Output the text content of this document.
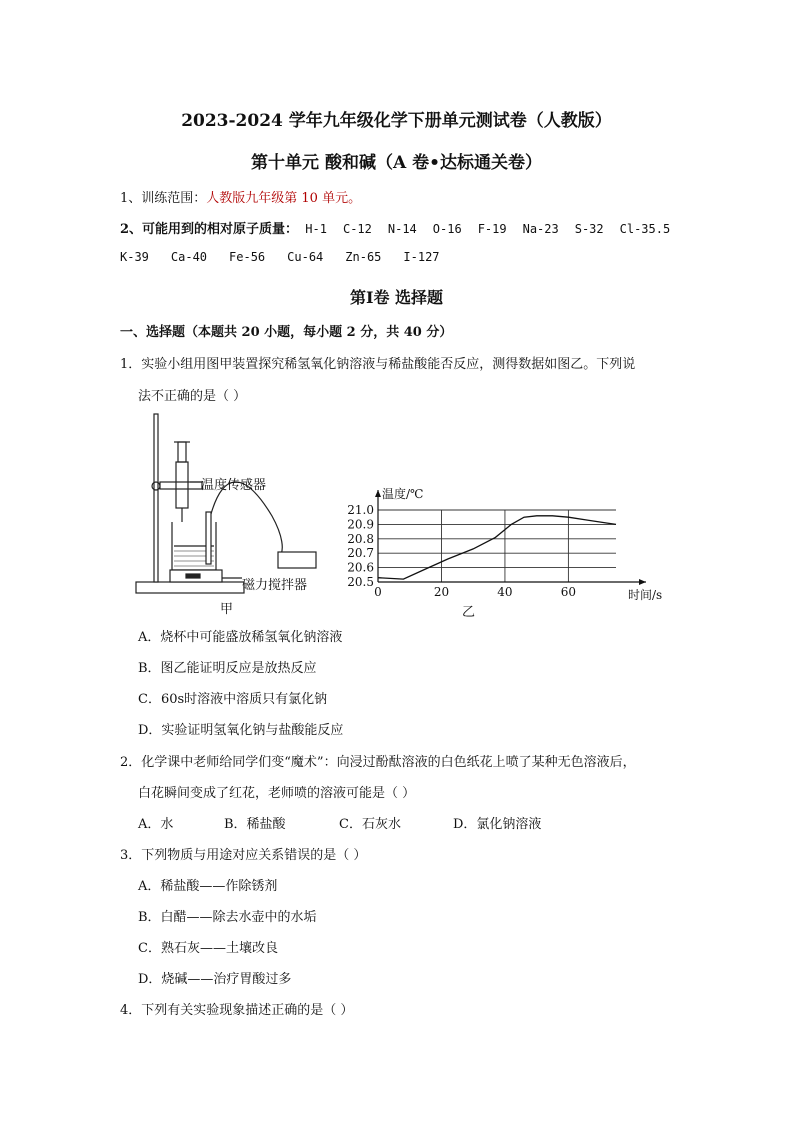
2023-2024 学年九年级化学下册单元测试卷（人教版）
第十单元 酸和碱（A 卷•达标通关卷）
1、训练范围：人教版九年级第 10 单元。
2、可能用到的相对原子质量： H-1 C-12 N-14 O-16 F-19 Na-23 S-32 Cl-35.5
K-39 Ca-40 Fe-56 Cu-64 Zn-65 I-127
第Ⅰ卷 选择题
一、选择题（本题共 20 小题，每小题 2 分，共 40 分）
1．实验小组用图甲装置探究稀氢氧化钠溶液与稀盐酸能否反应，测得数据如图乙。下列说
法不正确的是（ ）
温度传感器
磁力搅拌器
甲
20.5
20.6
20.7
20.8
20.9
21.0
0	20	40	60
温度/℃
时间/s
乙
A．烧杯中可能盛放稀氢氧化钠溶液
B．图乙能证明反应是放热反应
C．60s时溶液中溶质只有氯化钠
D．实验证明氢氧化钠与盐酸能反应
2．化学课中老师给同学们变“魔术”：向浸过酚酞溶液的白色纸花上喷了某种无色溶液后，
白花瞬间变成了红花，老师喷的溶液可能是（ ）
A．水	B．稀盐酸	C．石灰水	D．氯化钠溶液
3．下列物质与用途对应关系错误的是（ ）
A．稀盐酸——作除锈剂
B．白醋——除去水壶中的水垢
C．熟石灰——土壤改良
D．烧碱——治疗胃酸过多
4．下列有关实验现象描述正确的是（ ）
